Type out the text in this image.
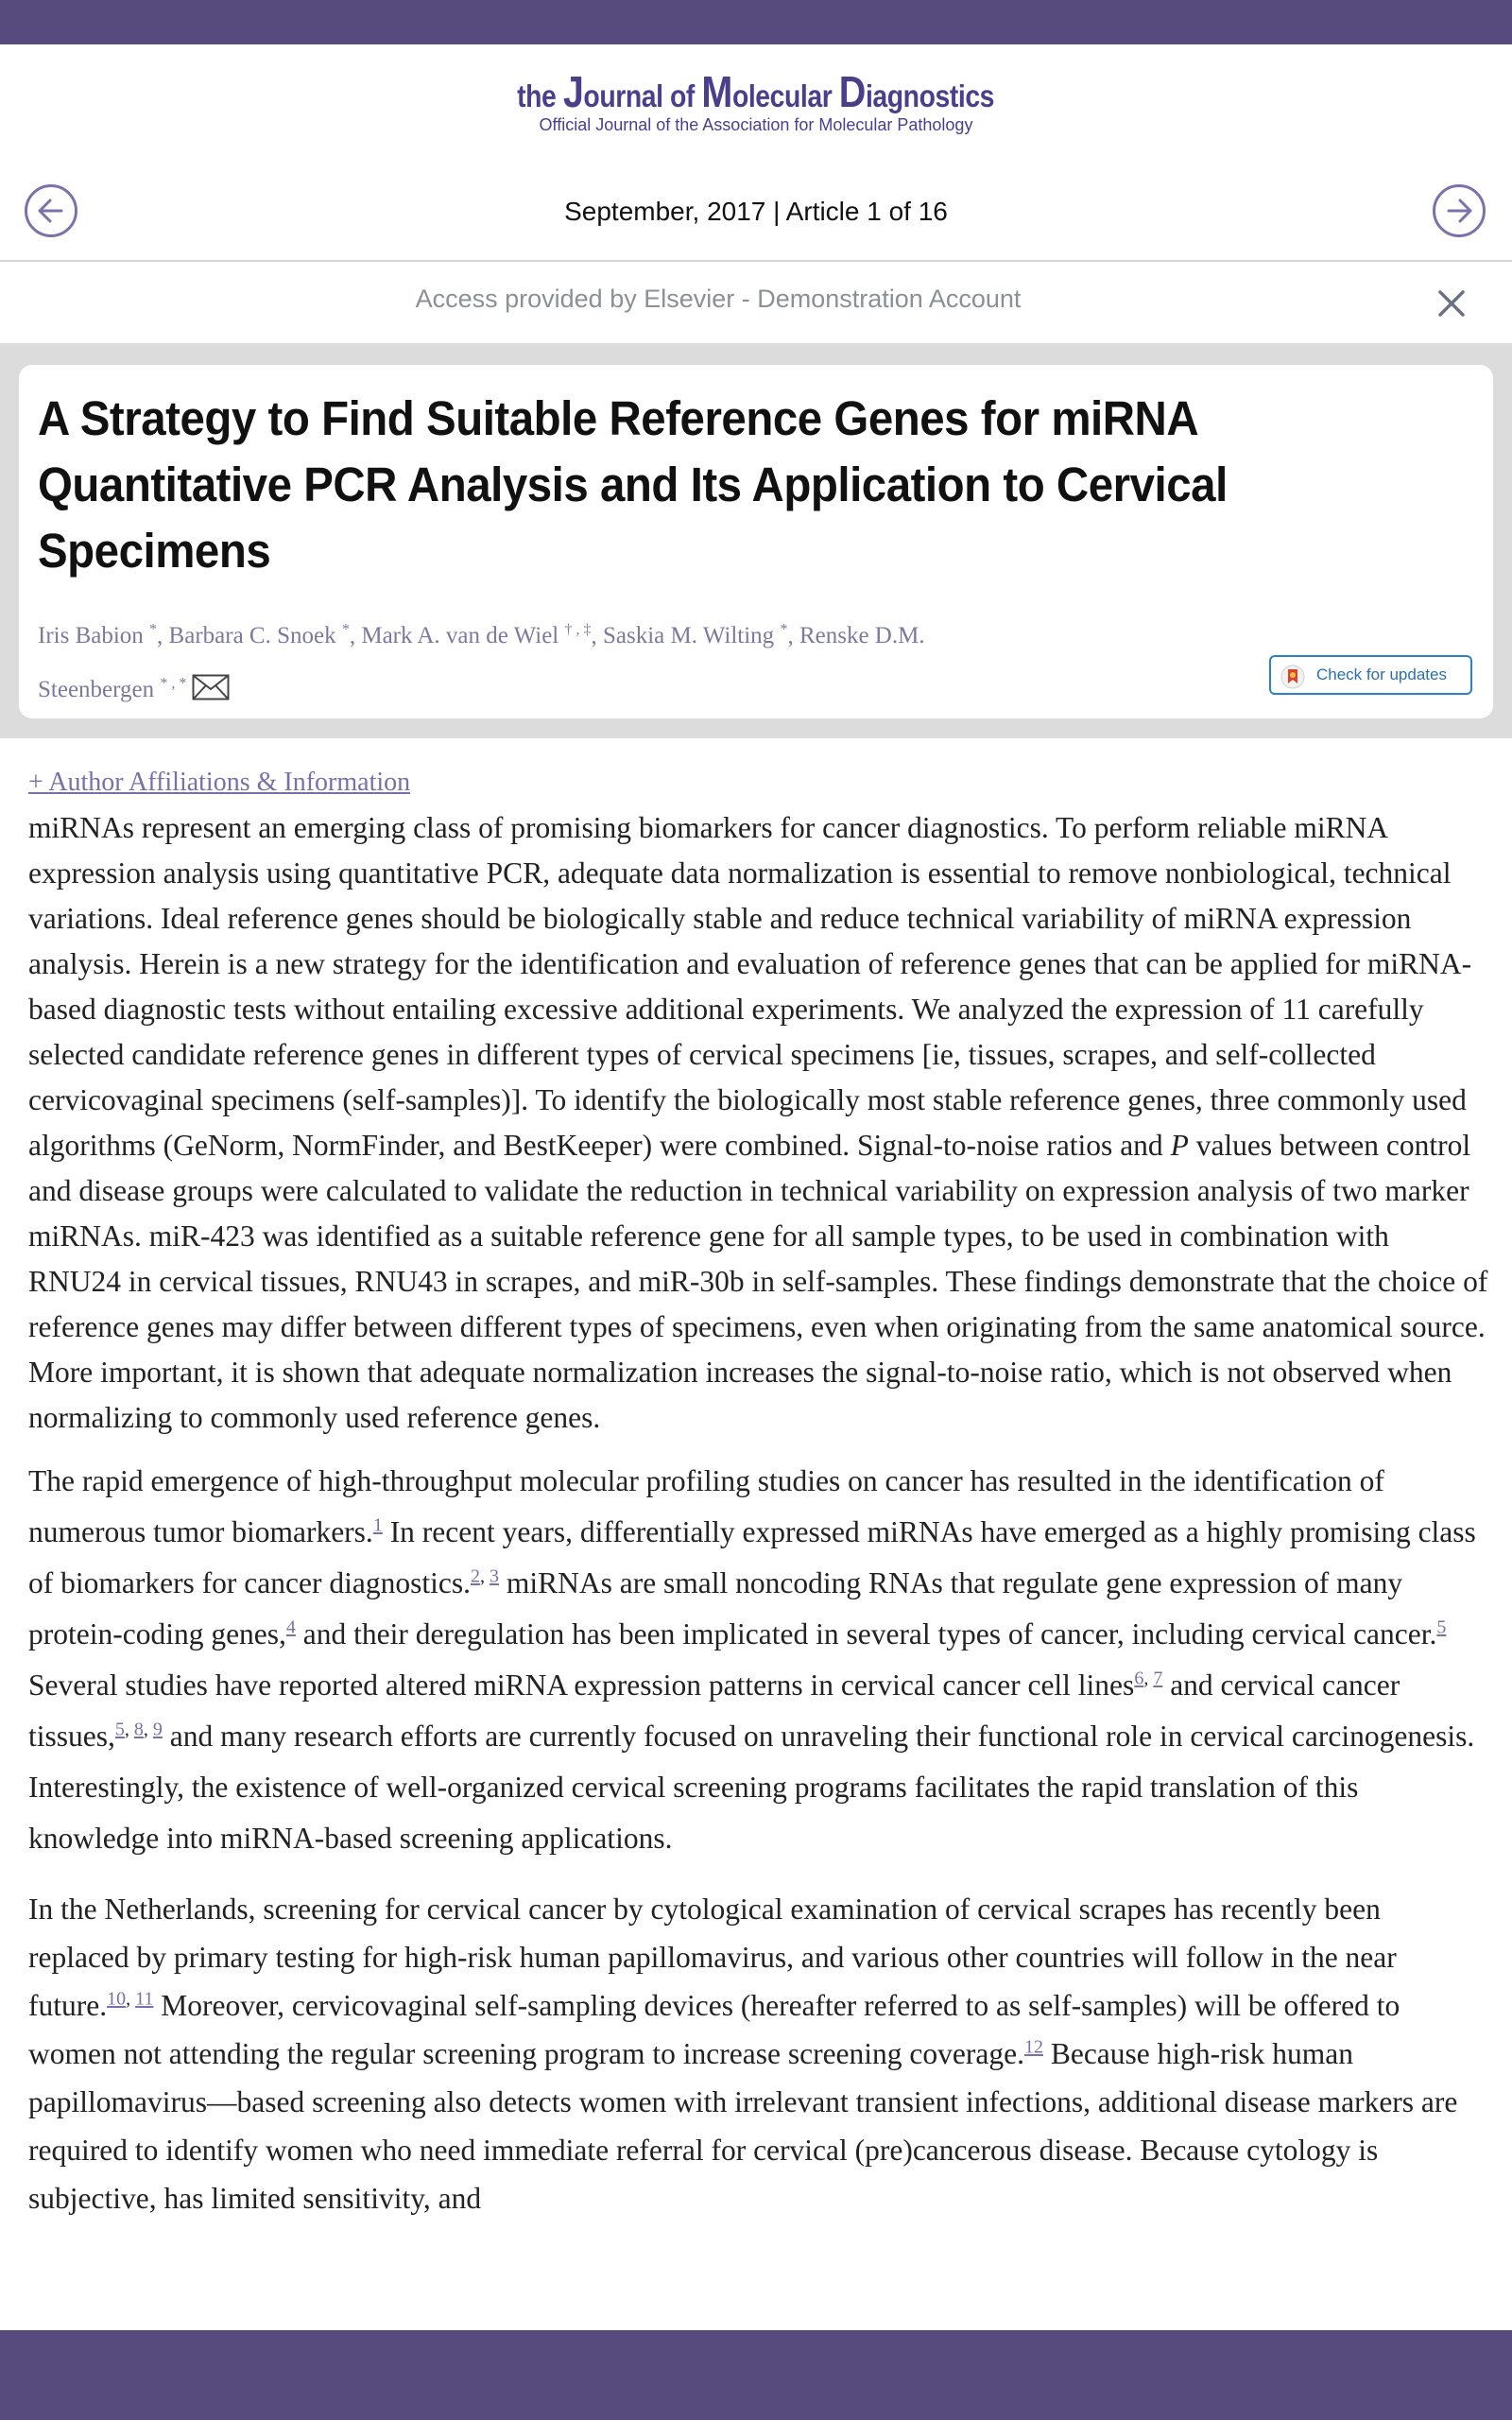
the Journal of Molecular Diagnostics
Official Journal of the Association for Molecular Pathology
September, 2017 | Article 1 of 16
Access provided by Elsevier - Demonstration Account
A Strategy to Find Suitable Reference Genes for miRNA Quantitative PCR Analysis and Its Application to Cervical Specimens
Iris Babion *, Barbara C. Snoek *, Mark A. van de Wiel † , ‡, Saskia M. Wilting *, Renske D.M. Steenbergen * , *	Check for updates
+ Author Affiliations & Information

miRNAs represent an emerging class of promising biomarkers for cancer diagnostics. To perform reliable miRNA expression analysis using quantitative PCR, adequate data normalization is essential to remove nonbiological, technical variations. Ideal reference genes should be biologically stable and reduce technical variability of miRNA expression analysis. Herein is a new strategy for the identification and evaluation of reference genes that can be applied for miRNA-based diagnostic tests without entailing excessive additional experiments. We analyzed the expression of 11 carefully selected candidate reference genes in different types of cervical specimens [ie, tissues, scrapes, and self-collected cervicovaginal specimens (self-samples)]. To identify the biologically most stable reference genes, three commonly used algorithms (GeNorm, NormFinder, and BestKeeper) were combined. Signal-to-noise ratios and P values between control and disease groups were calculated to validate the reduction in technical variability on expression analysis of two marker miRNAs. miR-423 was identified as a suitable reference gene for all sample types, to be used in combination with RNU24 in cervical tissues, RNU43 in scrapes, and miR-30b in self-samples. These findings demonstrate that the choice of reference genes may differ between different types of specimens, even when originating from the same anatomical source. More important, it is shown that adequate normalization increases the signal-to-noise ratio, which is not observed when normalizing to commonly used reference genes.

The rapid emergence of high-throughput molecular profiling studies on cancer has resulted in the identification of numerous tumor biomarkers.$^1$ In recent years, differentially expressed miRNAs have emerged as a highly promising class of biomarkers for cancer diagnostics.$^{2, 3}$ miRNAs are small noncoding RNAs that regulate gene expression of many protein-coding genes,$^4$ and their deregulation has been implicated in several types of cancer, including cervical cancer.$^5$ Several studies have reported altered miRNA expression patterns in cervical cancer cell lines$^{6, 7}$ and cervical cancer tissues,$^{5, 8, 9}$ and many research efforts are currently focused on unraveling their functional role in cervical carcinogenesis. Interestingly, the existence of well-organized cervical screening programs facilitates the rapid translation of this knowledge into miRNA-based screening applications.

In the Netherlands, screening for cervical cancer by cytological examination of cervical scrapes has recently been replaced by primary testing for high-risk human papillomavirus, and various other countries will follow in the near future.$^{10, 11}$ Moreover, cervicovaginal self-sampling devices (hereafter referred to as self-samples) will be offered to women not attending the regular screening program to increase screening coverage.$^{12}$ Because high-risk human papillomavirus—based screening also detects women with irrelevant transient infections, additional disease markers are required to identify women who need immediate referral for cervical (pre)cancerous disease. Because cytology is subjective, has limited sensitivity, and
